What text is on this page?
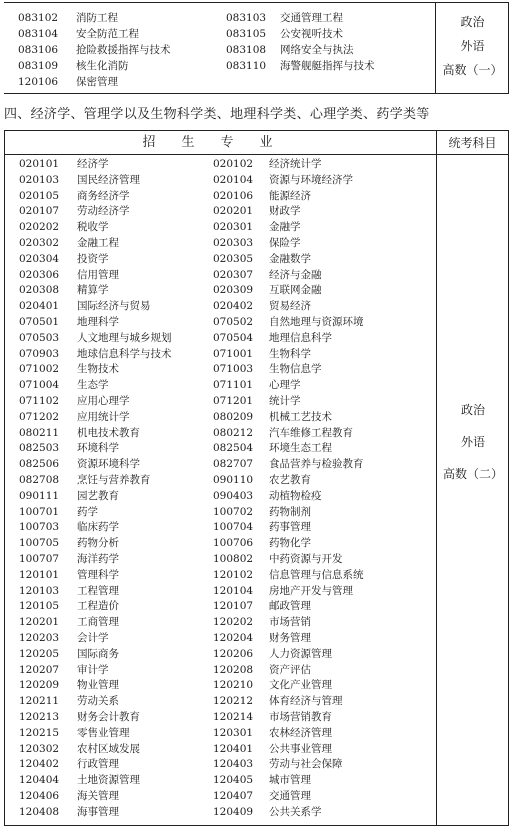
083102 消防工程	083103 交通管理工程
083104 安全防范工程	083105 公安视听技术
083106 抢险救援指挥与技术	083108 网络安全与执法
083109 核生化消防	083110 海警舰艇指挥与技术
120106 保密管理
政治
外语
高数（一）
四、经济学、管理学以及生物科学类、地理科学类、心理学类、药学类等
招生专业	统考科目
020101 经济学	020102 经济统计学
020103 国民经济管理	020104 资源与环境经济学
020105 商务经济学	020106 能源经济
020107 劳动经济学	020201 财政学
020202 税收学	020301 金融学
020302 金融工程	020303 保险学
020304 投资学	020305 金融数学
020306 信用管理	020307 经济与金融
020308 精算学	020309 互联网金融
020401 国际经济与贸易	020402 贸易经济
070501 地理科学	070502 自然地理与资源环境
070503 人文地理与城乡规划	070504 地理信息科学
070903 地球信息科学与技术	071001 生物科学
071002 生物技术	071003 生物信息学
071004 生态学	071101 心理学
071102 应用心理学	071201 统计学
071202 应用统计学	080209 机械工艺技术
080211 机电技术教育	080212 汽车维修工程教育
082503 环境科学	082504 环境生态工程
082506 资源环境科学	082707 食品营养与检验教育
082708 烹饪与营养教育	090110 农艺教育
090111 园艺教育	090403 动植物检疫
100701 药学	100702 药物制剂
100703 临床药学	100704 药事管理
100705 药物分析	100706 药物化学
100707 海洋药学	100802 中药资源与开发
120101 管理科学	120102 信息管理与信息系统
120103 工程管理	120104 房地产开发与管理
120105 工程造价	120107 邮政管理
120201 工商管理	120202 市场营销
120203 会计学	120204 财务管理
120205 国际商务	120206 人力资源管理
120207 审计学	120208 资产评估
120209 物业管理	120210 文化产业管理
120211 劳动关系	120212 体育经济与管理
120213 财务会计教育	120214 市场营销教育
120215 零售业管理	120301 农林经济管理
120302 农村区域发展	120401 公共事业管理
120402 行政管理	120403 劳动与社会保障
120404 土地资源管理	120405 城市管理
120406 海关管理	120407 交通管理
120408 海事管理	120409 公共关系学
政治
外语
高数（二）
